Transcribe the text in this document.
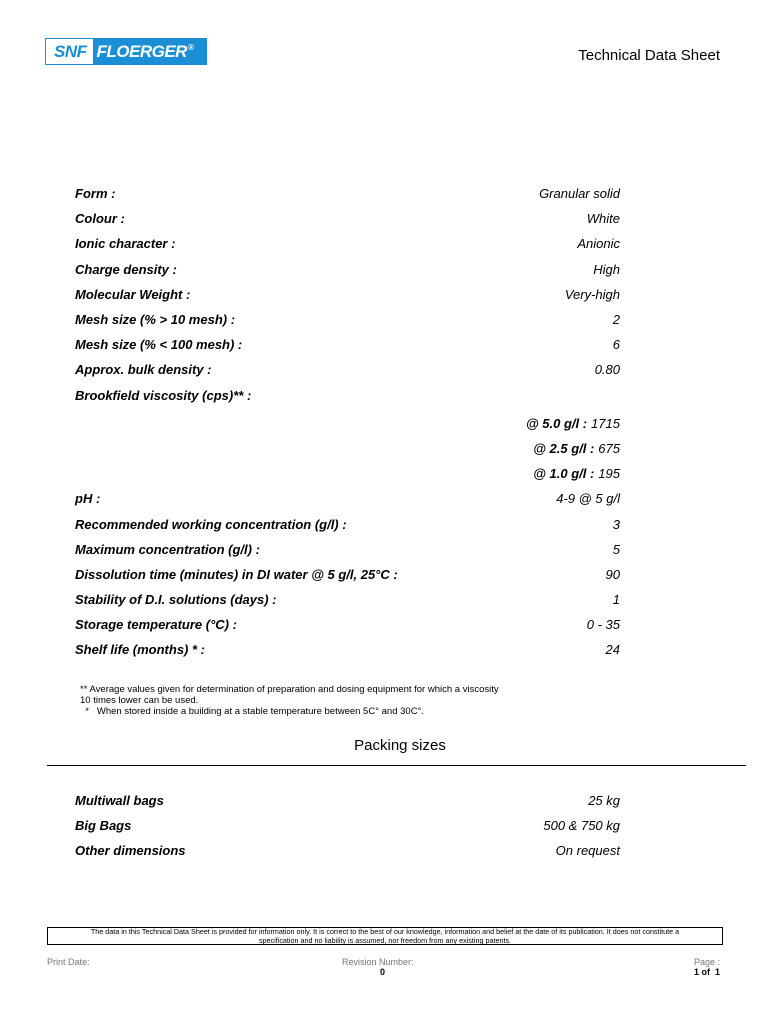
SNF FLOERGER ®	Technical Data Sheet
Form :	Granular solid
Colour :	White
Ionic character :	Anionic
Charge density :	High
Molecular Weight :	Very-high
Mesh size (% > 10 mesh) :	2
Mesh size (% < 100 mesh) :	6
Approx. bulk density :	0.80
Brookfield viscosity (cps)** :
@ 5.0 g/l : 1715
@ 2.5 g/l : 675
@ 1.0 g/l : 195
pH :	4-9 @ 5 g/l
Recommended working concentration (g/l) :	3
Maximum concentration (g/l) :	5
Dissolution time (minutes) in DI water @ 5 g/l, 25°C :	90
Stability of D.I. solutions (days) :	1
Storage temperature (°C) :	0 - 35
Shelf life (months) * :	24
** Average values given for determination of preparation and dosing equipment for which a viscosity
10 times lower can be used.
*   When stored inside a building at a stable temperature between 5C° and 30C°.
Packing sizes
Multiwall bags	25 kg
Big Bags	500 & 750 kg
Other dimensions	On request
The data in this Technical Data Sheet is provided for information only. It is correct to the best of our knowledge, information and belief at the date of its publication. It does not constitute a
specification and no liability is assumed, nor freedom from any existing patents.
Print Date:	Revision Number:
0
Page :
1 of  1
